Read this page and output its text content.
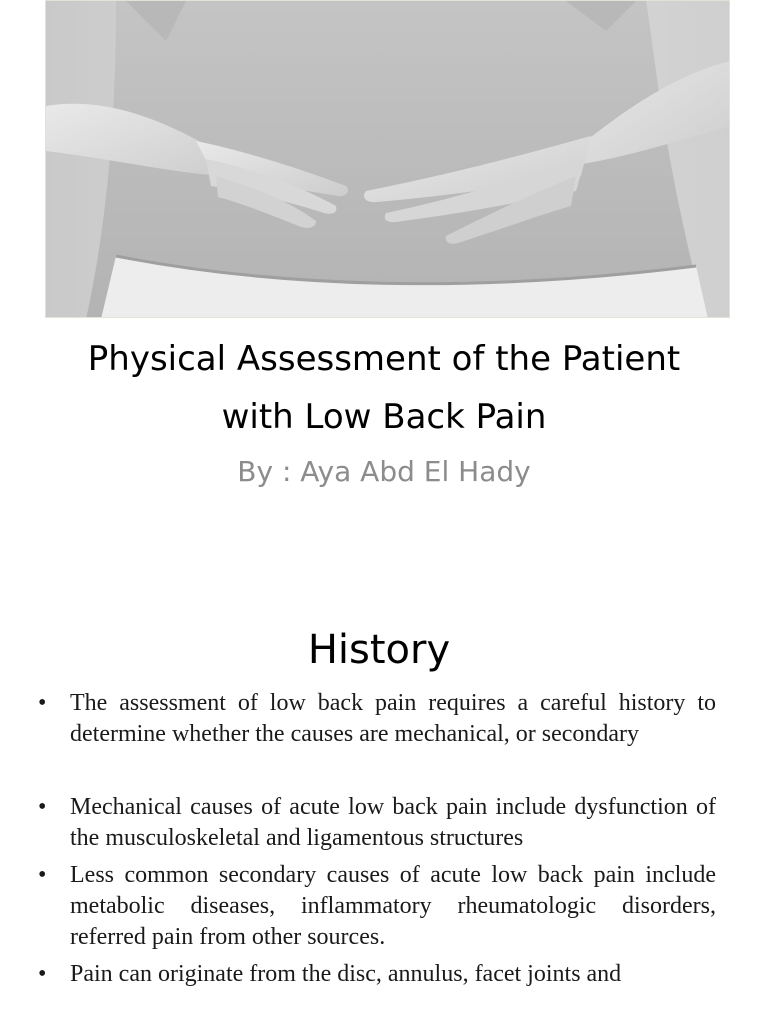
Physical Assessment of the Patient
with Low Back Pain
By : Aya Abd El Hady
History
• The assessment of low back pain requires a careful history to determine whether the causes are mechanical, or secondary
• Mechanical causes of acute low back pain include dysfunction of the musculoskeletal and ligamentous structures
• Less common secondary causes of acute low back pain include metabolic diseases, inflammatory rheumatologic disorders, referred pain from other sources.
• Pain can originate from the disc, annulus, facet joints and
